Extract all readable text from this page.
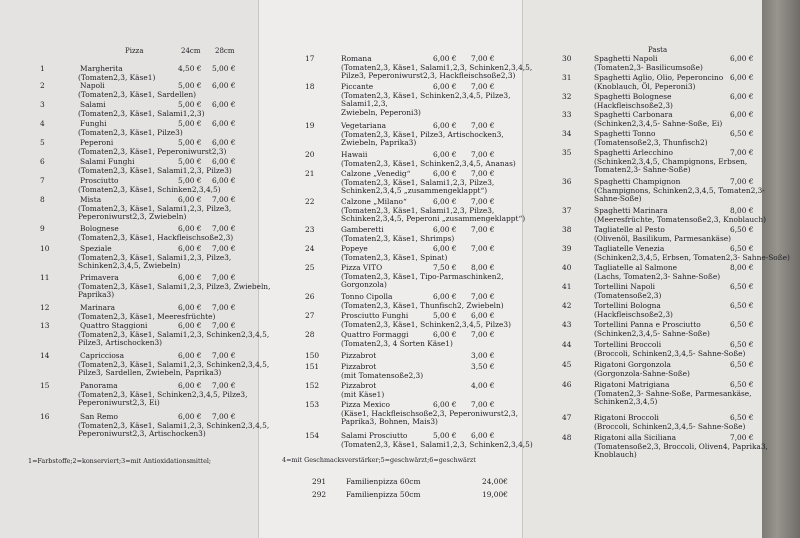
Pizza	24cm 28cm	Pasta
1	Margherita	4,50 € 5,00 €
(Tomaten2,3, Käse1)
2	Napoli	5,00 € 6,00 €
(Tomaten2,3, Käse1, Sardellen)
3	Salami	5,00 € 6,00 €
(Tomaten2,3, Käse1, Salami1,2,3)
4	Funghi	5,00 € 6,00 €
(Tomaten2,3, Käse1, Pilze3)
5	Peperoni	5,00 € 6,00 €
(Tomaten2,3, Käse1, Peperoniwurst2,3)
6	Salami Funghi	5,00 € 6,00 €
(Tomaten2,3, Käse1, Salami1,2,3, Pilze3)
7	Prosciutto	5,00 € 6,00 €
(Tomaten2,3, Käse1, Schinken2,3,4,5)
8	Mista	6,00 € 7,00 €
(Tomaten2,3, Käse1, Salami1,2,3, Pilze3,
Peperoniwurst2,3, Zwiebeln)
9	Bolognese	6,00 € 7,00 €
(Tomaten2,3, Käse1, Hackfleischsoße2,3)
10	Speziale	6,00 € 7,00 €
(Tomaten2,3, Käse1, Salami1,2,3, Pilze3,
Schinken2,3,4,5, Zwiebeln)
11	Primavera	6,00 € 7,00 €
(Tomaten2,3, Käse1, Salami1,2,3, Pilze3, Zwiebeln,
Paprika3)
12	Marinara	6,00 € 7,00 €
(Tomaten2,3, Käse1, Meeresfrüchte)
13	Quattro Staggioni	6,00 € 7,00 €
(Tomaten2,3, Käse1, Salami1,2,3, Schinken2,3,4,5,
Pilze3, Artischocken3)
14	Capricciosa	6,00 € 7,00 €
(Tomaten2,3, Käse1, Salami1,2,3, Schinken2,3,4,5,
Pilze3, Sardellen, Zwiebeln, Paprika3)
15	Panorama	6,00 € 7,00 €
(Tomaten2,3, Käse1, Schinken2,3,4,5, Pilze3,
Peperoniwurst2,3, Ei)
16	San Remo	6,00 € 7,00 €
(Tomaten2,3, Käse1, Salami1,2,3, Schinken2,3,4,5,
Peperoniwurst2,3, Artischocken3)
17	Romana	6,00 € 7,00 €
(Tomaten2,3, Käse1, Salami1,2,3, Schinken2,3,4,5,
Pilze3, Peperoniwurst2,3, Hackfleischsoße2,3)
18	Piccante	6,00 € 7,00 €
(Tomaten2,3, Käse1, Schinken2,3,4,5, Pilze3,
Salami1,2,3,
Zwiebeln, Peperoni3)
19	Vegetariana	6,00 € 7,00 €
(Tomaten2,3, Käse1, Pilze3, Artischocken3,
Zwiebeln, Paprika3)
20	Hawaii	6,00 € 7,00 €
(Tomaten2,3, Käse1, Schinken2,3,4,5, Ananas)
21	Calzone „Venedig“	6,00 € 7,00 €
(Tomaten2,3, Käse1, Salami1,2,3, Pilze3,
Schinken2,3,4,5 „zusammengeklappt“)
22	Calzone „Milano“	6,00 € 7,00 €
(Tomaten2,3, Käse1, Salami1,2,3, Pilze3,
Schinken2,3,4,5, Peperoni „zusammengeklappt“)
23	Gamberetti	6,00 € 7,00 €
(Tomaten2,3, Käse1, Shrimps)
24	Popeye	6,00 € 7,00 €
(Tomaten2,3, Käse1, Spinat)
25	Pizza VITO	7,50 € 8,00 €
(Tomaten2,3, Käse1, Tipo-Parmaschinken2,
Gorgonzola)
26	Tonno Cipolla	6,00 € 7,00 €
(Tomaten2,3, Käse1, Thunfisch2, Zwiebeln)
27	Prosciutto Funghi	5,00 € 6,00 €
(Tomaten2,3, Käse1, Schinken2,3,4,5, Pilze3)
28	Quattro Formaggi	6,00 € 7,00 €
(Tomaten2,3, 4 Sorten Käse1)
150	Pizzabrot	3,00 €
151	Pizzabrot	3,50 €
(mit Tomatensoße2,3)
152	Pizzabrot	4,00 €
(mit Käse1)
153	Pizza Mexico	6,00 € 7,00 €
(Käse1, Hackfleischsoße2,3, Peperoniwurst2,3,
Paprika3, Bohnen, Mais3)
154	Salami Prosciutto	5,00 € 6,00 €
(Tomaten2,3, Käse1, Salami1,2,3, Schinken2,3,4,5)
30	Spaghetti Napoli	6,00 €
(Tomaten2,3- Basilicumsoße)
31	Spaghetti Aglio, Olio, Peperoncino 6,00 €
(Knoblauch, Öl, Peperoni3)
32	Spaghetti Bolognese	6,00 €
(Hackfleischsoße2,3)
33	Spaghetti Carbonara	6,00 €
(Schinken2,3,4,5- Sahne-Soße, Ei)
34	Spaghetti Tonno	6,50 €
(Tomatensoße2,3, Thunfisch2)
35	Spaghetti Arlecchino	7,00 €
(Schinken2,3,4,5, Champignons, Erbsen,
Tomaten2,3- Sahne-Soße)
36	Spaghetti Champignon	7,00 €
(Champignons, Schinken2,3,4,5, Tomaten2,3-
Sahne-Soße)
37	Spaghetti Marinara	8,00 €
(Meeresfrüchte, Tomatensoße2,3, Knoblauch)
38	Tagliatelle al Pesto	6,50 €
(Olivenöl, Basilikum, Parmesankäse)
39	Tagliatelle Venezia	6,50 €
(Schinken2,3,4,5, Erbsen, Tomaten2,3- Sahne-Soße)
40	Tagliatelle al Salmone	8,00 €
(Lachs, Tomaten2,3- Sahne-Soße)
41	Tortellini Napoli	6,50 €
(Tomatensoße2,3)
42	Tortellini Bologna	6,50 €
(Hackfleischsoße2,3)
43	Tortellini Panna e Prosciutto	6,50 €
(Schinken2,3,4,5- Sahne-Soße)
44	Tortellini Broccoli	6,50 €
(Broccoli, Schinken2,3,4,5- Sahne-Soße)
45	Rigatoni Gorgonzola	6,50 €
(Gorgonzola-Sahne-Soße)
46	Rigatoni Matrigiana	6,50 €
(Tomaten2,3- Sahne-Soße, Parmesankäse,
Schinken2,3,4,5)
47	Rigatoni Broccoli	6,50 €
(Broccoli, Schinken2,3,4,5- Sahne-Soße)
48	Rigatoni alla Siciliana	7,00 €
(Tomatensoße2,3, Broccoli, Oliven4, Paprika3,
Knoblauch)
1=Farbstoffe;2=konserviert;3=mit Antioxidationsmittel;	4=mit Geschmacksverstärker;5=geschwärzt;6=geschwärzt
291	Familienpizza 60cm	24,00€
292	Familienpizza 50cm	19,00€
